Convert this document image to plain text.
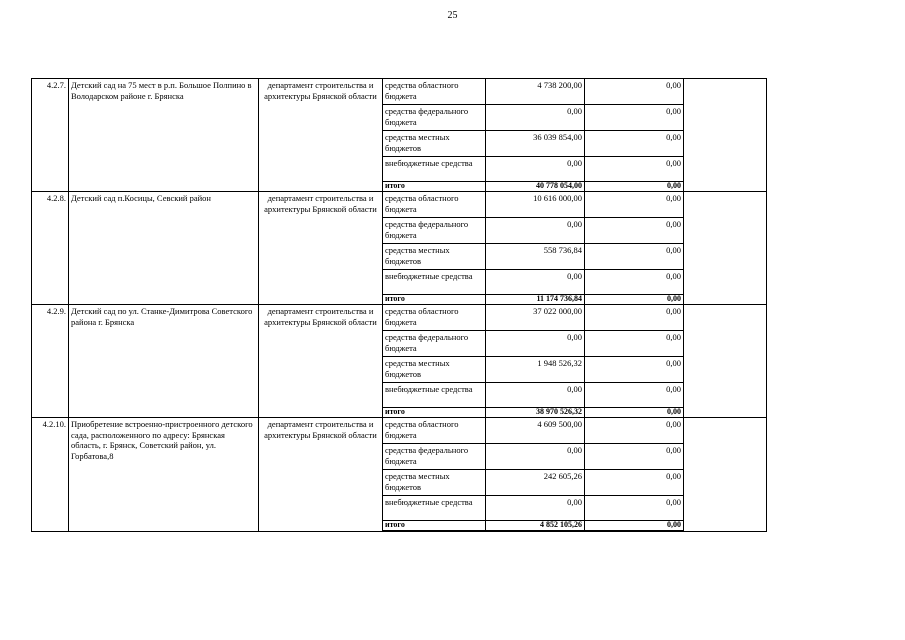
25
4.2.7.	Детский сад на 75 мест в р.п. Большое Полпино в Володарском районе г. Брянска	департамент строительства и архитектуры Брянской области	средства областного бюджета	4 738 200,00	0,00	
			средства федерального бюджета	0,00	0,00	
			средства местных бюджетов	36 039 854,00	0,00	
			внебюджетные средства	0,00	0,00	
			итого	40 778 054,00	0,00	
4.2.8.	Детский сад п.Косицы, Севский район	департамент строительства и архитектуры Брянской области	средства областного бюджета	10 616 000,00	0,00	
			средства федерального бюджета	0,00	0,00	
			средства местных бюджетов	558 736,84	0,00	
			внебюджетные средства	0,00	0,00	
			итого	11 174 736,84	0,00	
4.2.9.	Детский сад по ул. Станке-Димитрова Советского района г. Брянска	департамент строительства и архитектуры Брянской области	средства областного бюджета	37 022 000,00	0,00	
			средства федерального бюджета	0,00	0,00	
			средства местных бюджетов	1 948 526,32	0,00	
			внебюджетные средства	0,00	0,00	
			итого	38 970 526,32	0,00	
4.2.10.	Приобретение встроенно-пристроенного детского сада, расположенного по адресу: Брянская область, г. Брянск, Советский район, ул. Горбатова,8	департамент строительства и архитектуры Брянской области	средства областного бюджета	4 609 500,00	0,00	
			средства федерального бюджета	0,00	0,00	
			средства местных бюджетов	242 605,26	0,00	
			внебюджетные средства	0,00	0,00	
			итого	4 852 105,26	0,00	
